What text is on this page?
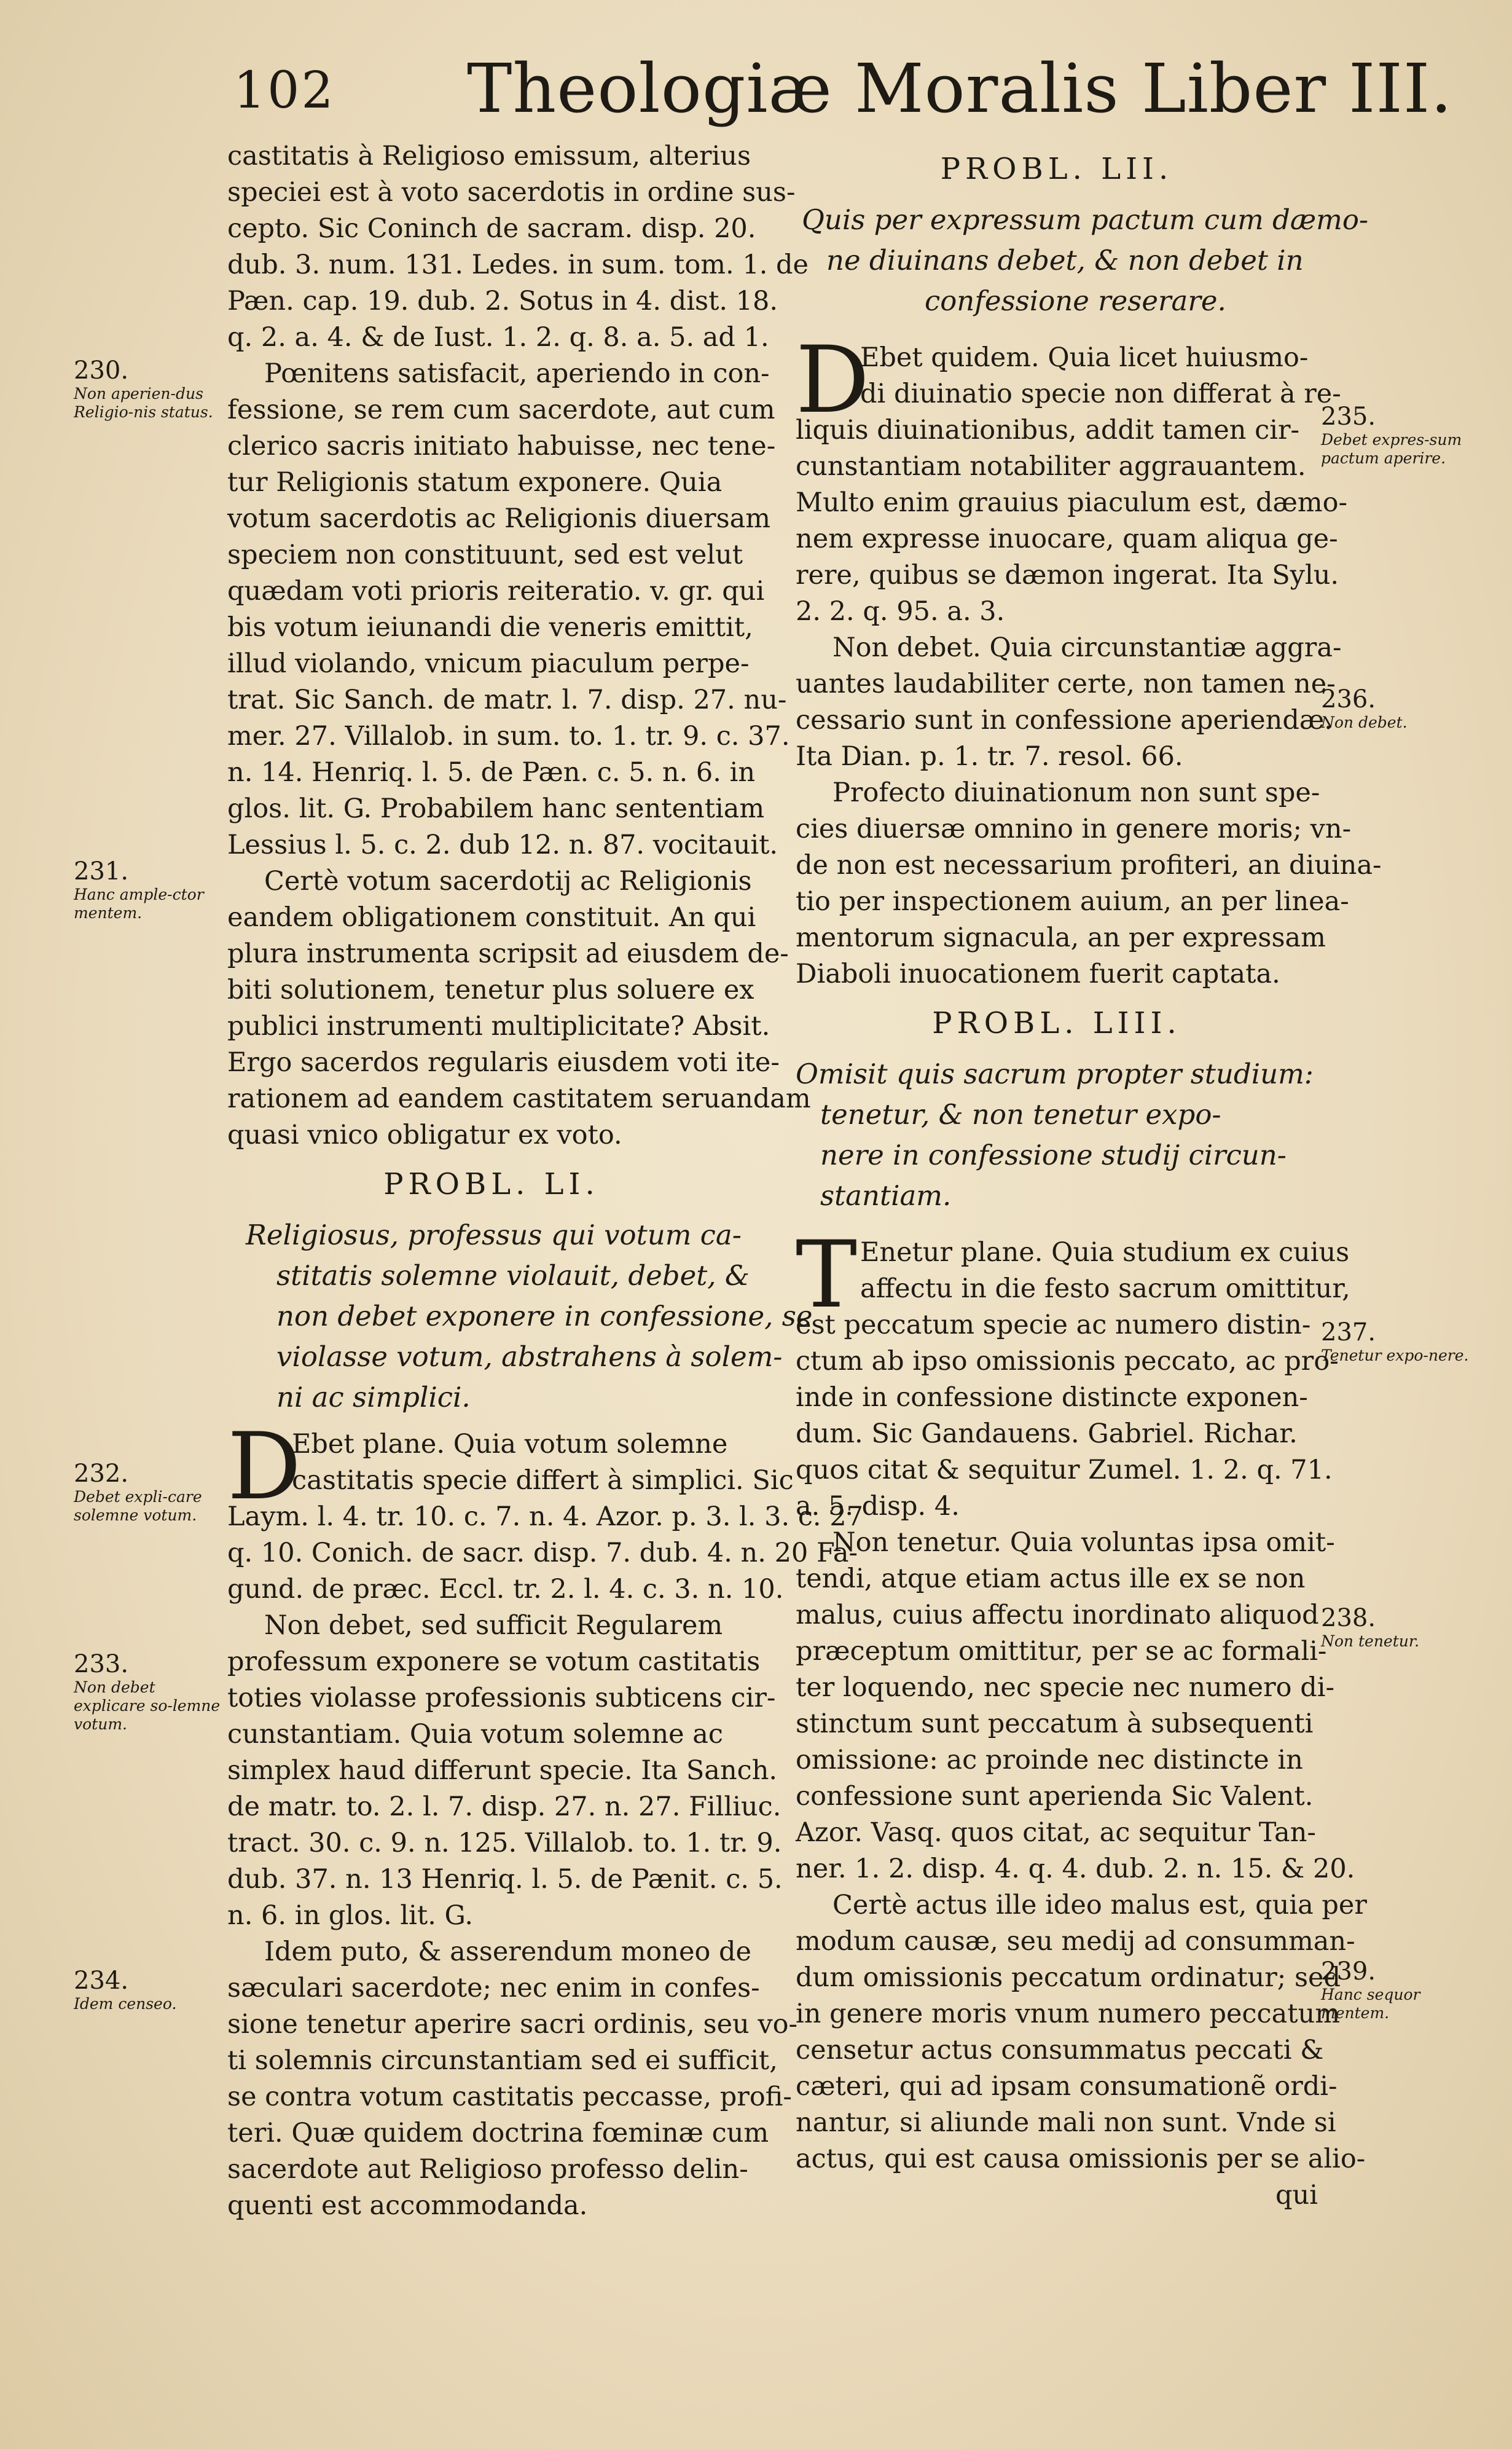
102 Theologiæ Moralis Liber III.
castitatis à Religioso emissum, alterius
speciei est à voto sacerdotis in ordine sus-
cepto. Sic Coninch de sacram. disp. 20.
dub. 3. num. 131. Ledes. in sum. tom. 1. de
Pæn. cap. 19. dub. 2. Sotus in 4. dist. 18.
q. 2. a. 4. & de Iust. 1. 2. q. 8. a. 5. ad 1.
Pœnitens satisfacit, aperiendo in con-
fessione, se rem cum sacerdote, aut cum
clerico sacris initiato habuisse, nec tene-
tur Religionis statum exponere. Quia
votum sacerdotis ac Religionis diuersam
speciem non constituunt, sed est velut
quædam voti prioris reiteratio. v. gr. qui
bis votum ieiunandi die veneris emittit,
illud violando, vnicum piaculum perpe-
trat. Sic Sanch. de matr. l. 7. disp. 27. nu-
mer. 27. Villalob. in sum. to. 1. tr. 9. c. 37.
n. 14. Henriq. l. 5. de Pæn. c. 5. n. 6. in
glos. lit. G. Probabilem hanc sententiam
Lessius l. 5. c. 2. dub 12. n. 87. vocitauit.
Certè votum sacerdotij ac Religionis
eandem obligationem constituit. An qui
plura instrumenta scripsit ad eiusdem de-
biti solutionem, tenetur plus soluere ex
publici instrumenti multiplicitate? Absit.
Ergo sacerdos regularis eiusdem voti ite-
rationem ad eandem castitatem seruandam
quasi vnico obligatur ex voto.
PROBL. LI.
Religiosus, professus qui votum ca-
stitatis solemne violauit, debet, &
non debet exponere in confessione, se
violasse votum, abstrahens à solem-
ni ac simplici.
D
Ebet plane. Quia votum solemne
castitatis specie differt à simplici. Sic
Laym. l. 4. tr. 10. c. 7. n. 4. Azor. p. 3. l. 3. c. 27
q. 10. Conich. de sacr. disp. 7. dub. 4. n. 20 Fa-
gund. de præc. Eccl. tr. 2. l. 4. c. 3. n. 10.
Non debet, sed sufficit Regularem
professum exponere se votum castitatis
toties violasse professionis subticens cir-
cunstantiam. Quia votum solemne ac
simplex haud differunt specie. Ita Sanch.
de matr. to. 2. l. 7. disp. 27. n. 27. Filliuc.
tract. 30. c. 9. n. 125. Villalob. to. 1. tr. 9.
dub. 37. n. 13 Henriq. l. 5. de Pænit. c. 5.
n. 6. in glos. lit. G.
Idem puto, & asserendum moneo de
sæculari sacerdote; nec enim in confes-
sione tenetur aperire sacri ordinis, seu vo-
ti solemnis circunstantiam sed ei sufficit,
se contra votum castitatis peccasse, profi-
teri. Quæ quidem doctrina fœminæ cum
sacerdote aut Religioso professo delin-
quenti est accommodanda.
PROBL. LII.
Quis per expressum pactum cum dæmo-
ne diuinans debet, & non debet in
confessione reserare.
D
Ebet quidem. Quia licet huiusmo-
di diuinatio specie non differat à re-
liquis diuinationibus, addit tamen cir-
cunstantiam notabiliter aggrauantem.
Multo enim grauius piaculum est, dæmo-
nem expresse inuocare, quam aliqua ge-
rere, quibus se dæmon ingerat. Ita Sylu.
2. 2. q. 95. a. 3.
Non debet. Quia circunstantiæ aggra-
uantes laudabiliter certe, non tamen ne-
cessario sunt in confessione aperiendæ.
Ita Dian. p. 1. tr. 7. resol. 66.
Profecto diuinationum non sunt spe-
cies diuersæ omnino in genere moris; vn-
de non est necessarium profiteri, an diuina-
tio per inspectionem auium, an per linea-
mentorum signacula, an per expressam
Diaboli inuocationem fuerit captata.
PROBL. LIII.
Omisit quis sacrum propter studium:
tenetur, & non tenetur expo-
nere in confessione studij circun-
stantiam.
T Enetur plane. Quia studium ex cuius
affectu in die festo sacrum omittitur,
est peccatum specie ac numero distin-
ctum ab ipso omissionis peccato, ac pro-
inde in confessione distincte exponen-
dum. Sic Gandauens. Gabriel. Richar.
quos citat & sequitur Zumel. 1. 2. q. 71.
a. 5. disp. 4.
Non tenetur. Quia voluntas ipsa omit-
tendi, atque etiam actus ille ex se non
malus, cuius affectu inordinato aliquod
præceptum omittitur, per se ac formali-
ter loquendo, nec specie nec numero di-
stinctum sunt peccatum à subsequenti
omissione: ac proinde nec distincte in
confessione sunt aperienda Sic Valent.
Azor. Vasq. quos citat, ac sequitur Tan-
ner. 1. 2. disp. 4. q. 4. dub. 2. n. 15. & 20.
Certè actus ille ideo malus est, quia per
modum causæ, seu medij ad consumman-
dum omissionis peccatum ordinatur; sed
in genere moris vnum numero peccatum
censetur actus consummatus peccati &
cæteri, qui ad ipsam consumationẽ ordi-
nantur, si aliunde mali non sunt. Vnde si
actus, qui est causa omissionis per se alio-
qui
230.
Non aperien-dus Religio-nis status.
231.
Hanc ample-ctor mentem.
232.
Debet expli-care solemne votum.
233.
Non debet explicare so-lemne votum.
234.
Idem censeo.
235.
Debet expres-sum pactum aperire.
236.
Non debet.
237.
Tenetur expo-nere.
238.
Non tenetur.
239.
Hanc sequor mentem.
